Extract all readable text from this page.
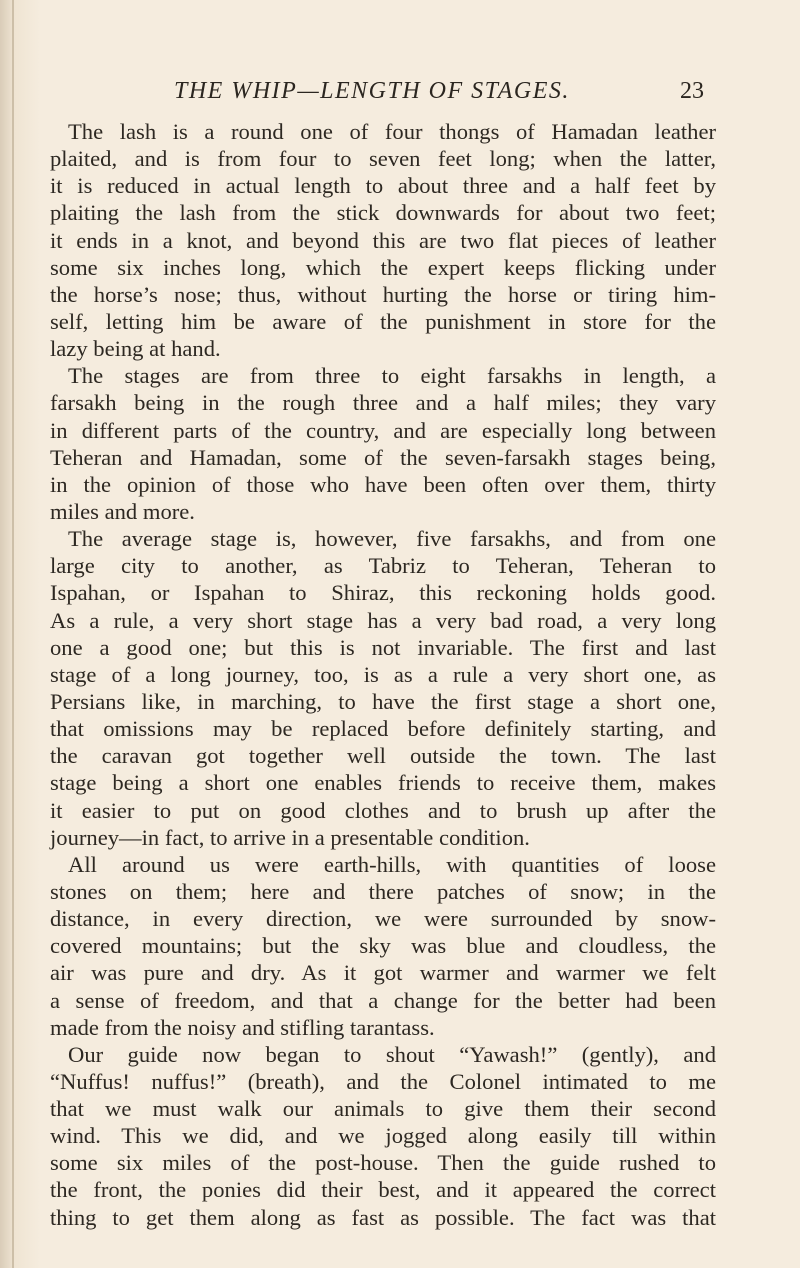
THE WHIP—LENGTH OF STAGES.	23
The lash is a round one of four thongs of Hamadan leather
plaited, and is from four to seven feet long; when the latter,
it is reduced in actual length to about three and a half feet by
plaiting the lash from the stick downwards for about two feet;
it ends in a knot, and beyond this are two flat pieces of leather
some six inches long, which the expert keeps flicking under
the horse’s nose; thus, without hurting the horse or tiring him-
self, letting him be aware of the punishment in store for the
lazy being at hand.
The stages are from three to eight farsakhs in length, a
farsakh being in the rough three and a half miles; they vary
in different parts of the country, and are especially long between
Teheran and Hamadan, some of the seven-farsakh stages being,
in the opinion of those who have been often over them, thirty
miles and more.
The average stage is, however, five farsakhs, and from one
large city to another, as Tabriz to Teheran, Teheran to
Ispahan, or Ispahan to Shiraz, this reckoning holds good.
As a rule, a very short stage has a very bad road, a very long
one a good one; but this is not invariable. The first and last
stage of a long journey, too, is as a rule a very short one, as
Persians like, in marching, to have the first stage a short one,
that omissions may be replaced before definitely starting, and
the caravan got together well outside the town. The last
stage being a short one enables friends to receive them, makes
it easier to put on good clothes and to brush up after the
journey—in fact, to arrive in a presentable condition.
All around us were earth-hills, with quantities of loose
stones on them; here and there patches of snow; in the
distance, in every direction, we were surrounded by snow-
covered mountains; but the sky was blue and cloudless, the
air was pure and dry. As it got warmer and warmer we felt
a sense of freedom, and that a change for the better had been
made from the noisy and stifling tarantass.
Our guide now began to shout “Yawash!” (gently), and
“Nuffus! nuffus!” (breath), and the Colonel intimated to me
that we must walk our animals to give them their second
wind. This we did, and we jogged along easily till within
some six miles of the post-house. Then the guide rushed to
the front, the ponies did their best, and it appeared the correct
thing to get them along as fast as possible. The fact was that
